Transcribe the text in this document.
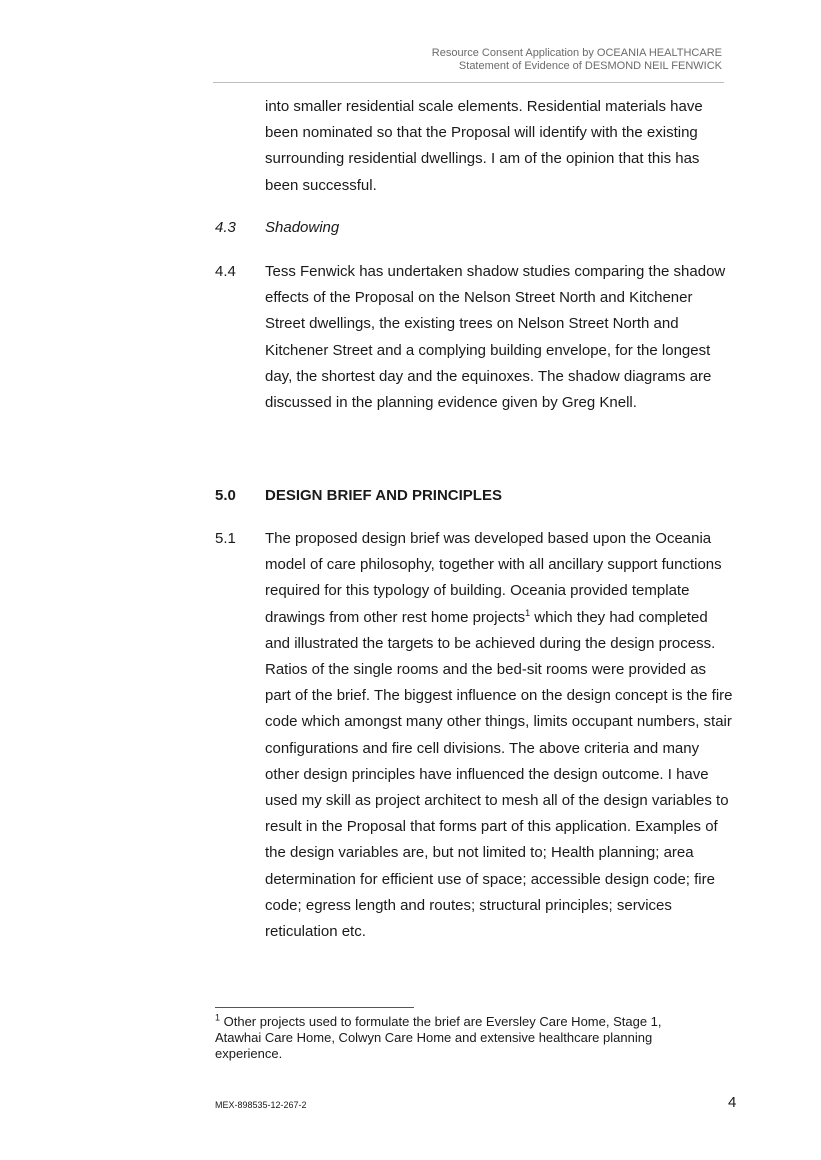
Resource Consent Application by OCEANIA HEALTHCARE
Statement of Evidence of DESMOND NEIL FENWICK
into smaller residential scale elements. Residential materials have been nominated so that the Proposal will identify with the existing surrounding residential dwellings. I am of the opinion that this has been successful.
4.3 Shadowing
4.4 Tess Fenwick has undertaken shadow studies comparing the shadow effects of the Proposal on the Nelson Street North and Kitchener Street dwellings, the existing trees on Nelson Street North and Kitchener Street and a complying building envelope, for the longest day, the shortest day and the equinoxes. The shadow diagrams are discussed in the planning evidence given by Greg Knell.
5.0 DESIGN BRIEF AND PRINCIPLES
5.1 The proposed design brief was developed based upon the Oceania model of care philosophy, together with all ancillary support functions required for this typology of building. Oceania provided template drawings from other rest home projects$^1$ which they had completed and illustrated the targets to be achieved during the design process. Ratios of the single rooms and the bed-sit rooms were provided as part of the brief. The biggest influence on the design concept is the fire code which amongst many other things, limits occupant numbers, stair configurations and fire cell divisions. The above criteria and many other design principles have influenced the design outcome. I have used my skill as project architect to mesh all of the design variables to result in the Proposal that forms part of this application. Examples of the design variables are, but not limited to; Health planning; area determination for efficient use of space; accessible design code; fire code; egress length and routes; structural principles; services reticulation etc.
$^1$ Other projects used to formulate the brief are Eversley Care Home, Stage 1, Atawhai Care Home, Colwyn Care Home and extensive healthcare planning experience.
MEX-898535-12-267-2	4
